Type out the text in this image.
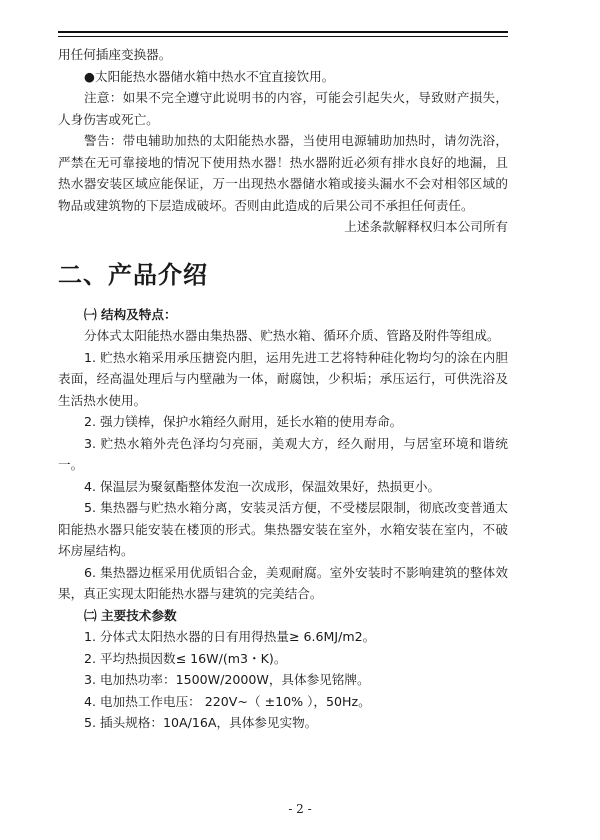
用任何插座变换器。

●太阳能热水器储水箱中热水不宜直接饮用。

注意：如果不完全遵守此说明书的内容，可能会引起失火，导致财产损失，人身伤害或死亡。

警告：带电辅助加热的太阳能热水器，当使用电源辅助加热时，请勿洗浴，严禁在无可靠接地的情况下使用热水器！热水器附近必须有排水良好的地漏，且热水器安装区域应能保证，万一出现热水器储水箱或接头漏水不会对相邻区域的物品或建筑物的下层造成破坏。否则由此造成的后果公司不承担任何责任。

上述条款解释权归本公司所有

二、产品介绍
㈠ 结构及特点：

分体式太阳能热水器由集热器、贮热水箱、循环介质、管路及附件等组成。

1. 贮热水箱采用承压搪瓷内胆，运用先进工艺将特种硅化物均匀的涂在内胆表面，经高温处理后与内壁融为一体，耐腐蚀，少积垢；承压运行，可供洗浴及生活热水使用。

2. 强力镁棒，保护水箱经久耐用，延长水箱的使用寿命。

3. 贮热水箱外壳色泽均匀亮丽，美观大方，经久耐用，与居室环境和谐统一。

4. 保温层为聚氨酯整体发泡一次成形，保温效果好，热损更小。

5. 集热器与贮热水箱分离，安装灵活方便，不受楼层限制，彻底改变普通太阳能热水器只能安装在楼顶的形式。集热器安装在室外，水箱安装在室内，不破坏房屋结构。

6. 集热器边框采用优质铝合金，美观耐腐。室外安装时不影响建筑的整体效果，真正实现太阳能热水器与建筑的完美结合。

㈡ 主要技术参数

1. 分体式太阳热水器的日有用得热量≥ 6.6MJ/m2。

2. 平均热损因数≤ 16W/(m3・K)。

3. 电加热功率：1500W/2000W，具体参见铭牌。

4. 电加热工作电压： 220V~（ ±10% ），50Hz。

5. 插头规格：10A/16A，具体参见实物。

- 2 -
